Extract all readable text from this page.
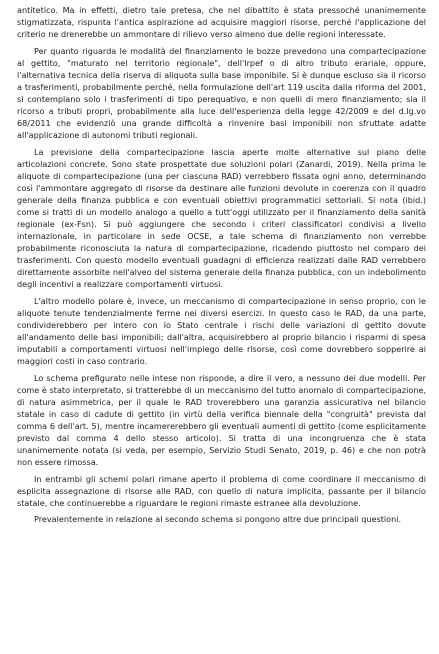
antitetico. Ma in effetti, dietro tale pretesa, che nel dibattito è stata pressoché unanimemente stigmatizzata, rispunta l'antica aspirazione ad acquisire maggiori risorse, perché l'applicazione del criterio ne drenerebbe un ammontare di rilievo verso almeno due delle regioni interessate.

Per quanto riguarda le modalità del finanziamento le bozze prevedono una compartecipazione al gettito, "maturato nel territorio regionale", dell'Irpef o di altro tributo erariale, oppure, l'alternativa tecnica della riserva di aliquota sulla base imponibile. Si è dunque escluso sia il ricorso a trasferimenti, probabilmente perché, nella formulazione dell'art 119 uscita dalla riforma del 2001, si contemplano solo i trasferimenti di tipo perequativo, e non quelli di mero finanziamento; sia il ricorso a tributi propri, probabilmente alla luce dell'esperienza della legge 42/2009 e del d.lg.vo 68/2011 che evidenziò una grande difficoltà a rinvenire basi imponibili non sfruttate adatte all'applicazione di autonomi tributi regionali.

La previsione della compartecipazione lascia aperte molte alternative sul piano delle articolazioni concrete. Sono state prospettate due soluzioni polari (Zanardi, 2019). Nella prima le aliquote di compartecipazione (una per ciascuna RAD) verrebbero fissata ogni anno, determinando così l'ammontare aggregato di risorse da destinare alle funzioni devolute in coerenza con il quadro generale della finanza pubblica e con eventuali obiettivi programmatici settoriali. Si nota (ibid.) come si tratti di un modello analogo a quello a tutt'oggi utilizzato per il finanziamento della sanità regionale (ex-Fsn). Si può aggiungere che secondo i criteri classificatori condivisi a livello internazionale, in particolare in sede OCSE, a tale schema di finanziamento non verrebbe probabilmente riconosciuta la natura di compartecipazione, ricadendo piuttosto nel comparo dei trasferimenti. Con questo modello eventuali guadagni di efficienza realizzati dalle RAD verrebbero direttamente assorbite nell'alveo del sistema generale della finanza pubblica, con un indebolimento degli incentivi a realizzare comportamenti virtuosi.

L'altro modello polare è, invece, un meccanismo di compartecipazione in senso proprio, con le aliquote tenute tendenzialmente ferme nei diversi esercizi. In questo caso le RAD, da una parte, condividerebbero per intero con lo Stato centrale i rischi delle variazioni di gettito dovute all'andamento delle basi imponibili; dall'altra, acquisirebbero al proprio bilancio i risparmi di spesa imputabili a comportamenti virtuosi nell'impiego delle risorse, così come dovrebbero sopperire ai maggiori costi in caso contrario.

Lo schema prefigurato nelle intese non risponde, a dire il vero, a nessuno dei due modelli. Per come è stato interpretato, si tratterebbe di un meccanismo del tutto anomalo di compartecipazione, di natura asimmetrica, per il quale le RAD troverebbero una garanzia assicurativa nel bilancio statale in caso di cadute di gettito (in virtù della verifica biennale della "congruità" prevista dal comma 6 dell'art. 5), mentre incamererebbero gli eventuali aumenti di gettito (come esplicitamente previsto dal comma 4 dello stesso articolo). Si tratta di una incongruenza che è stata unanimemente notata (si veda, per esempio, Servizio Studi Senato, 2019, p. 46) e che non potrà non essere rimossa.

In entrambi gli schemi polari rimane aperto il problema di come coordinare il meccanismo di esplicita assegnazione di risorse alle RAD, con quello di natura implicita, passante per il bilancio statale, che continuerebbe a riguardare le regioni rimaste estranee alla devoluzione.

Prevalentemente in relazione al secondo schema si pongono altre due principali questioni.
